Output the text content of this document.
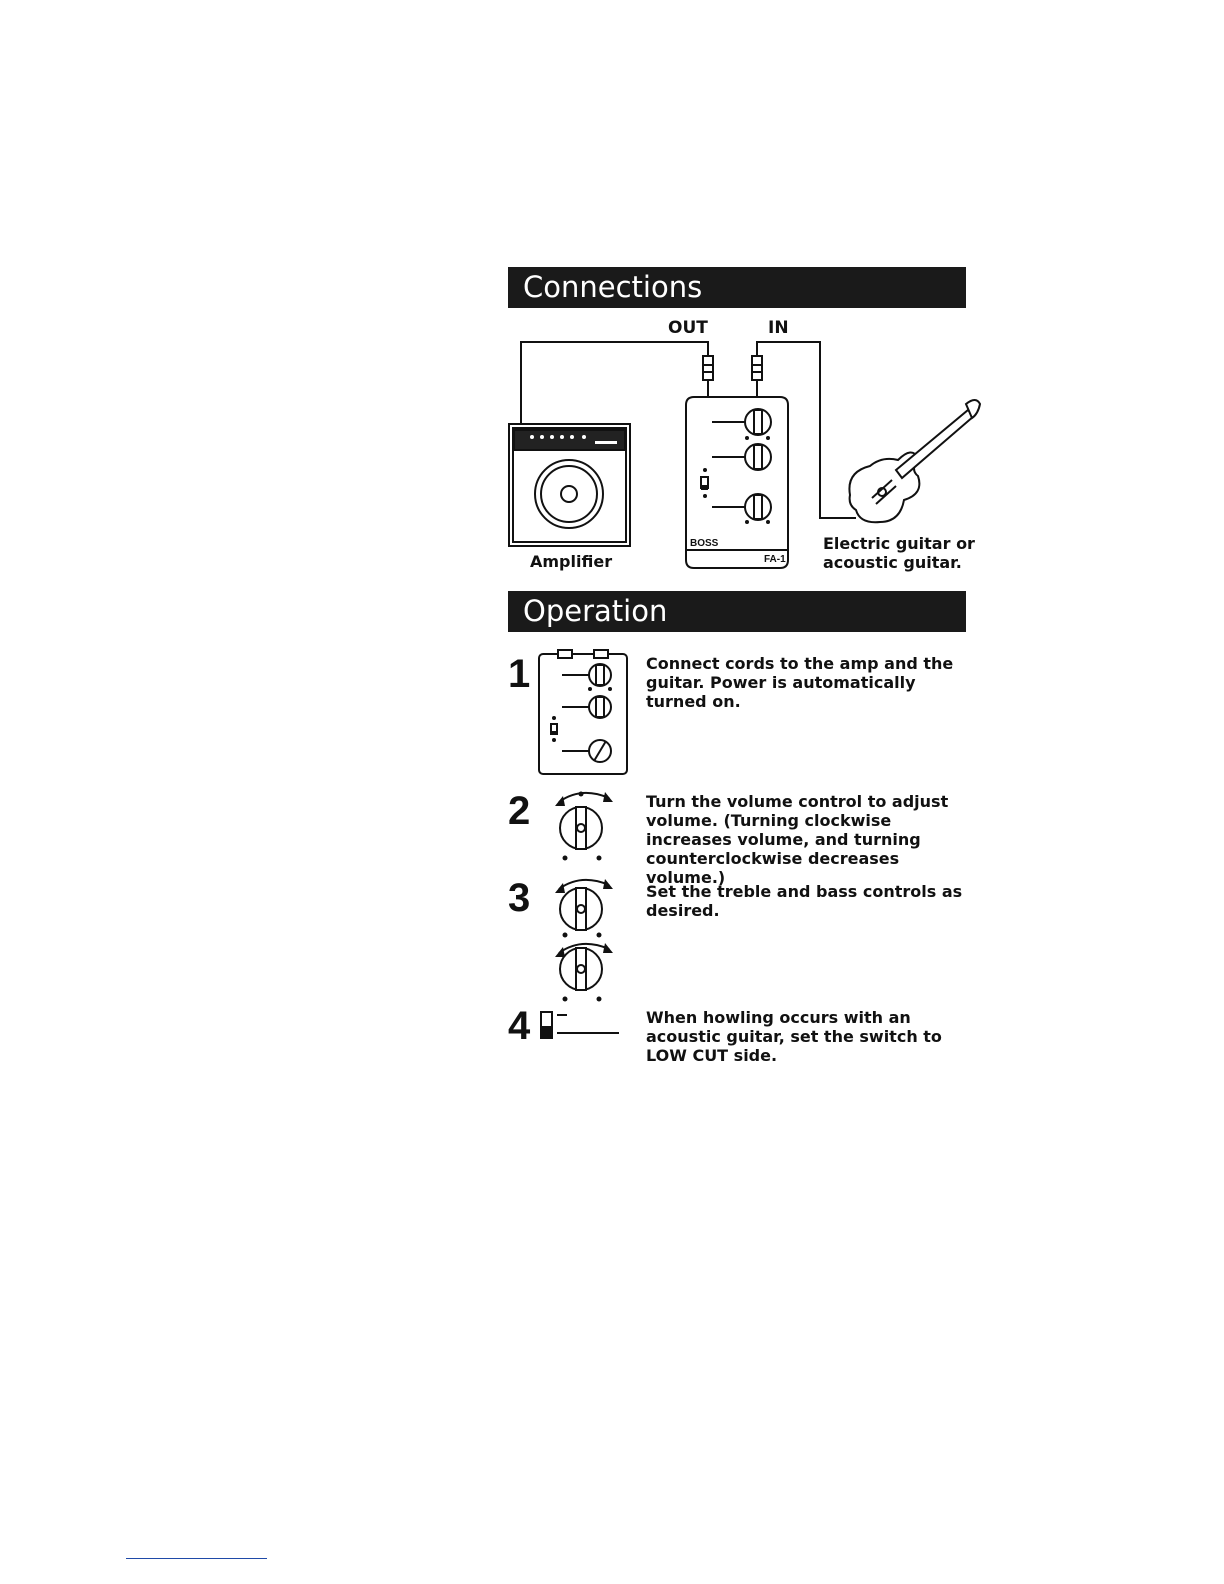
Connections
OUT	IN
BOSS
FA-1
Amplifier
Electric guitar or
acoustic guitar.
Operation
1	Connect cords to the amp and the guitar. Power is automatically turned on.
2	Turn the volume control to adjust volume. (Turning clockwise increases volume, and turning counterclockwise decreases volume.)
3	Set the treble and bass controls as desired.
4	When howling occurs with an acoustic guitar, set the switch to LOW CUT side.
